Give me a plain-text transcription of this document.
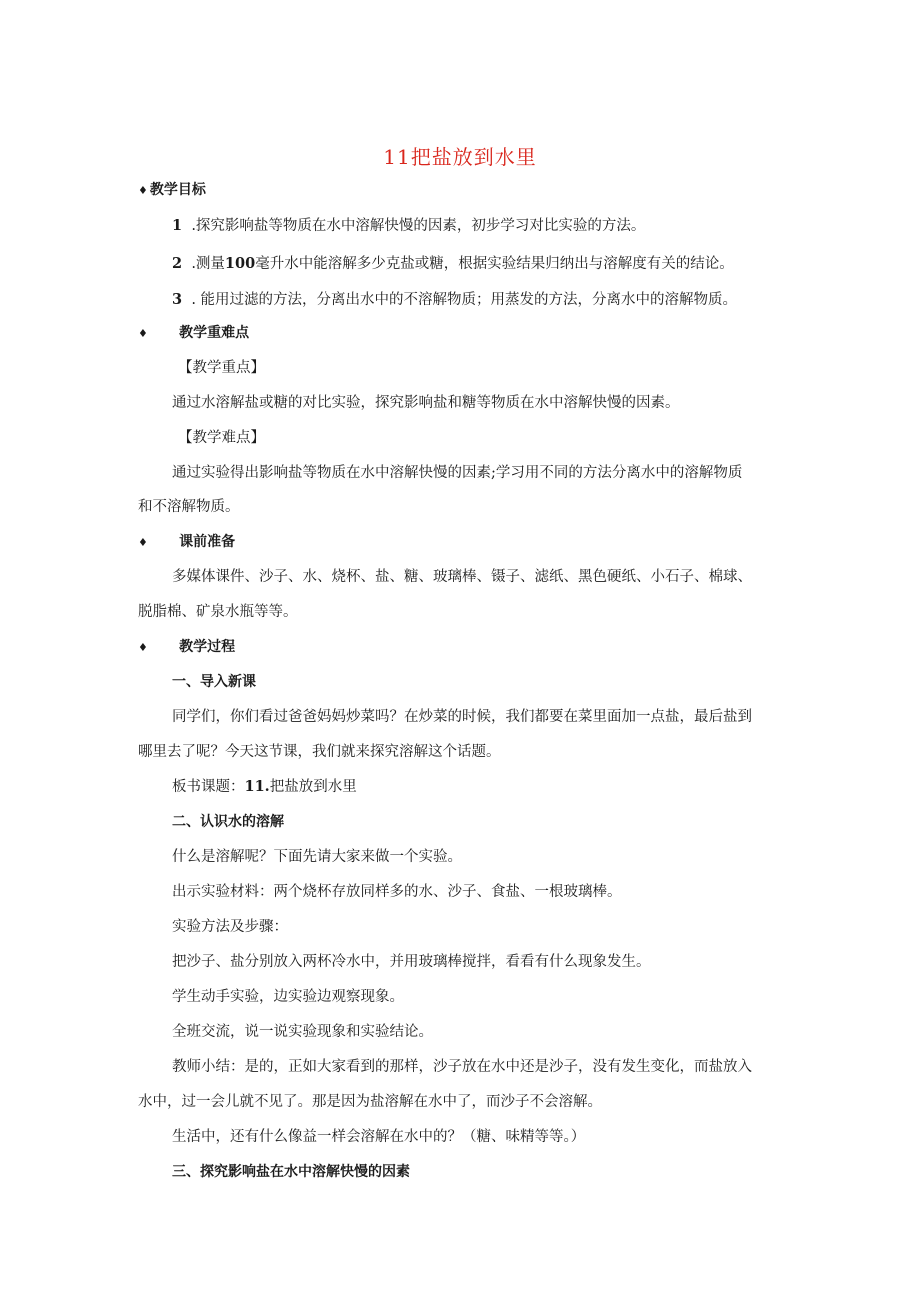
11把盐放到水里
♦ 教学目标
1 .探究影响盐等物质在水中溶解快慢的因素，初步学习对比实验的方法。
2 .测量100毫升水中能溶解多少克盐或糖，根据实验结果归纳出与溶解度有关的结论。
3 . 能用过滤的方法，分离出水中的不溶解物质；用蒸发的方法，分离水中的溶解物质。
♦ 教学重难点
【教学重点】
通过水溶解盐或糖的对比实验，探究影响盐和糖等物质在水中溶解快慢的因素。
【教学难点】
通过实验得出影响盐等物质在水中溶解快慢的因素;学习用不同的方法分离水中的溶解物质
和不溶解物质。
♦ 课前准备
多媒体课件、沙子、水、烧杯、盐、糖、玻璃棒、镊子、滤纸、黑色硬纸、小石子、棉球、
脱脂棉、矿泉水瓶等等。
♦ 教学过程
一、导入新课
同学们，你们看过爸爸妈妈炒菜吗？在炒菜的时候，我们都要在菜里面加一点盐，最后盐到
哪里去了呢？今天这节课，我们就来探究溶解这个话题。
板书课题：11.把盐放到水里
二、认识水的溶解
什么是溶解呢？下面先请大家来做一个实验。
出示实验材料：两个烧杯存放同样多的水、沙子、食盐、一根玻璃棒。
实验方法及步骤：
把沙子、盐分别放入两杯冷水中，并用玻璃棒搅拌，看看有什么现象发生。
学生动手实验，边实验边观察现象。
全班交流，说一说实验现象和实验结论。
教师小结：是的，正如大家看到的那样，沙子放在水中还是沙子，没有发生变化，而盐放入
水中，过一会儿就不见了。那是因为盐溶解在水中了，而沙子不会溶解。
生活中，还有什么像益一样会溶解在水中的？（糖、味精等等。）
三、探究影响盐在水中溶解快慢的因素
